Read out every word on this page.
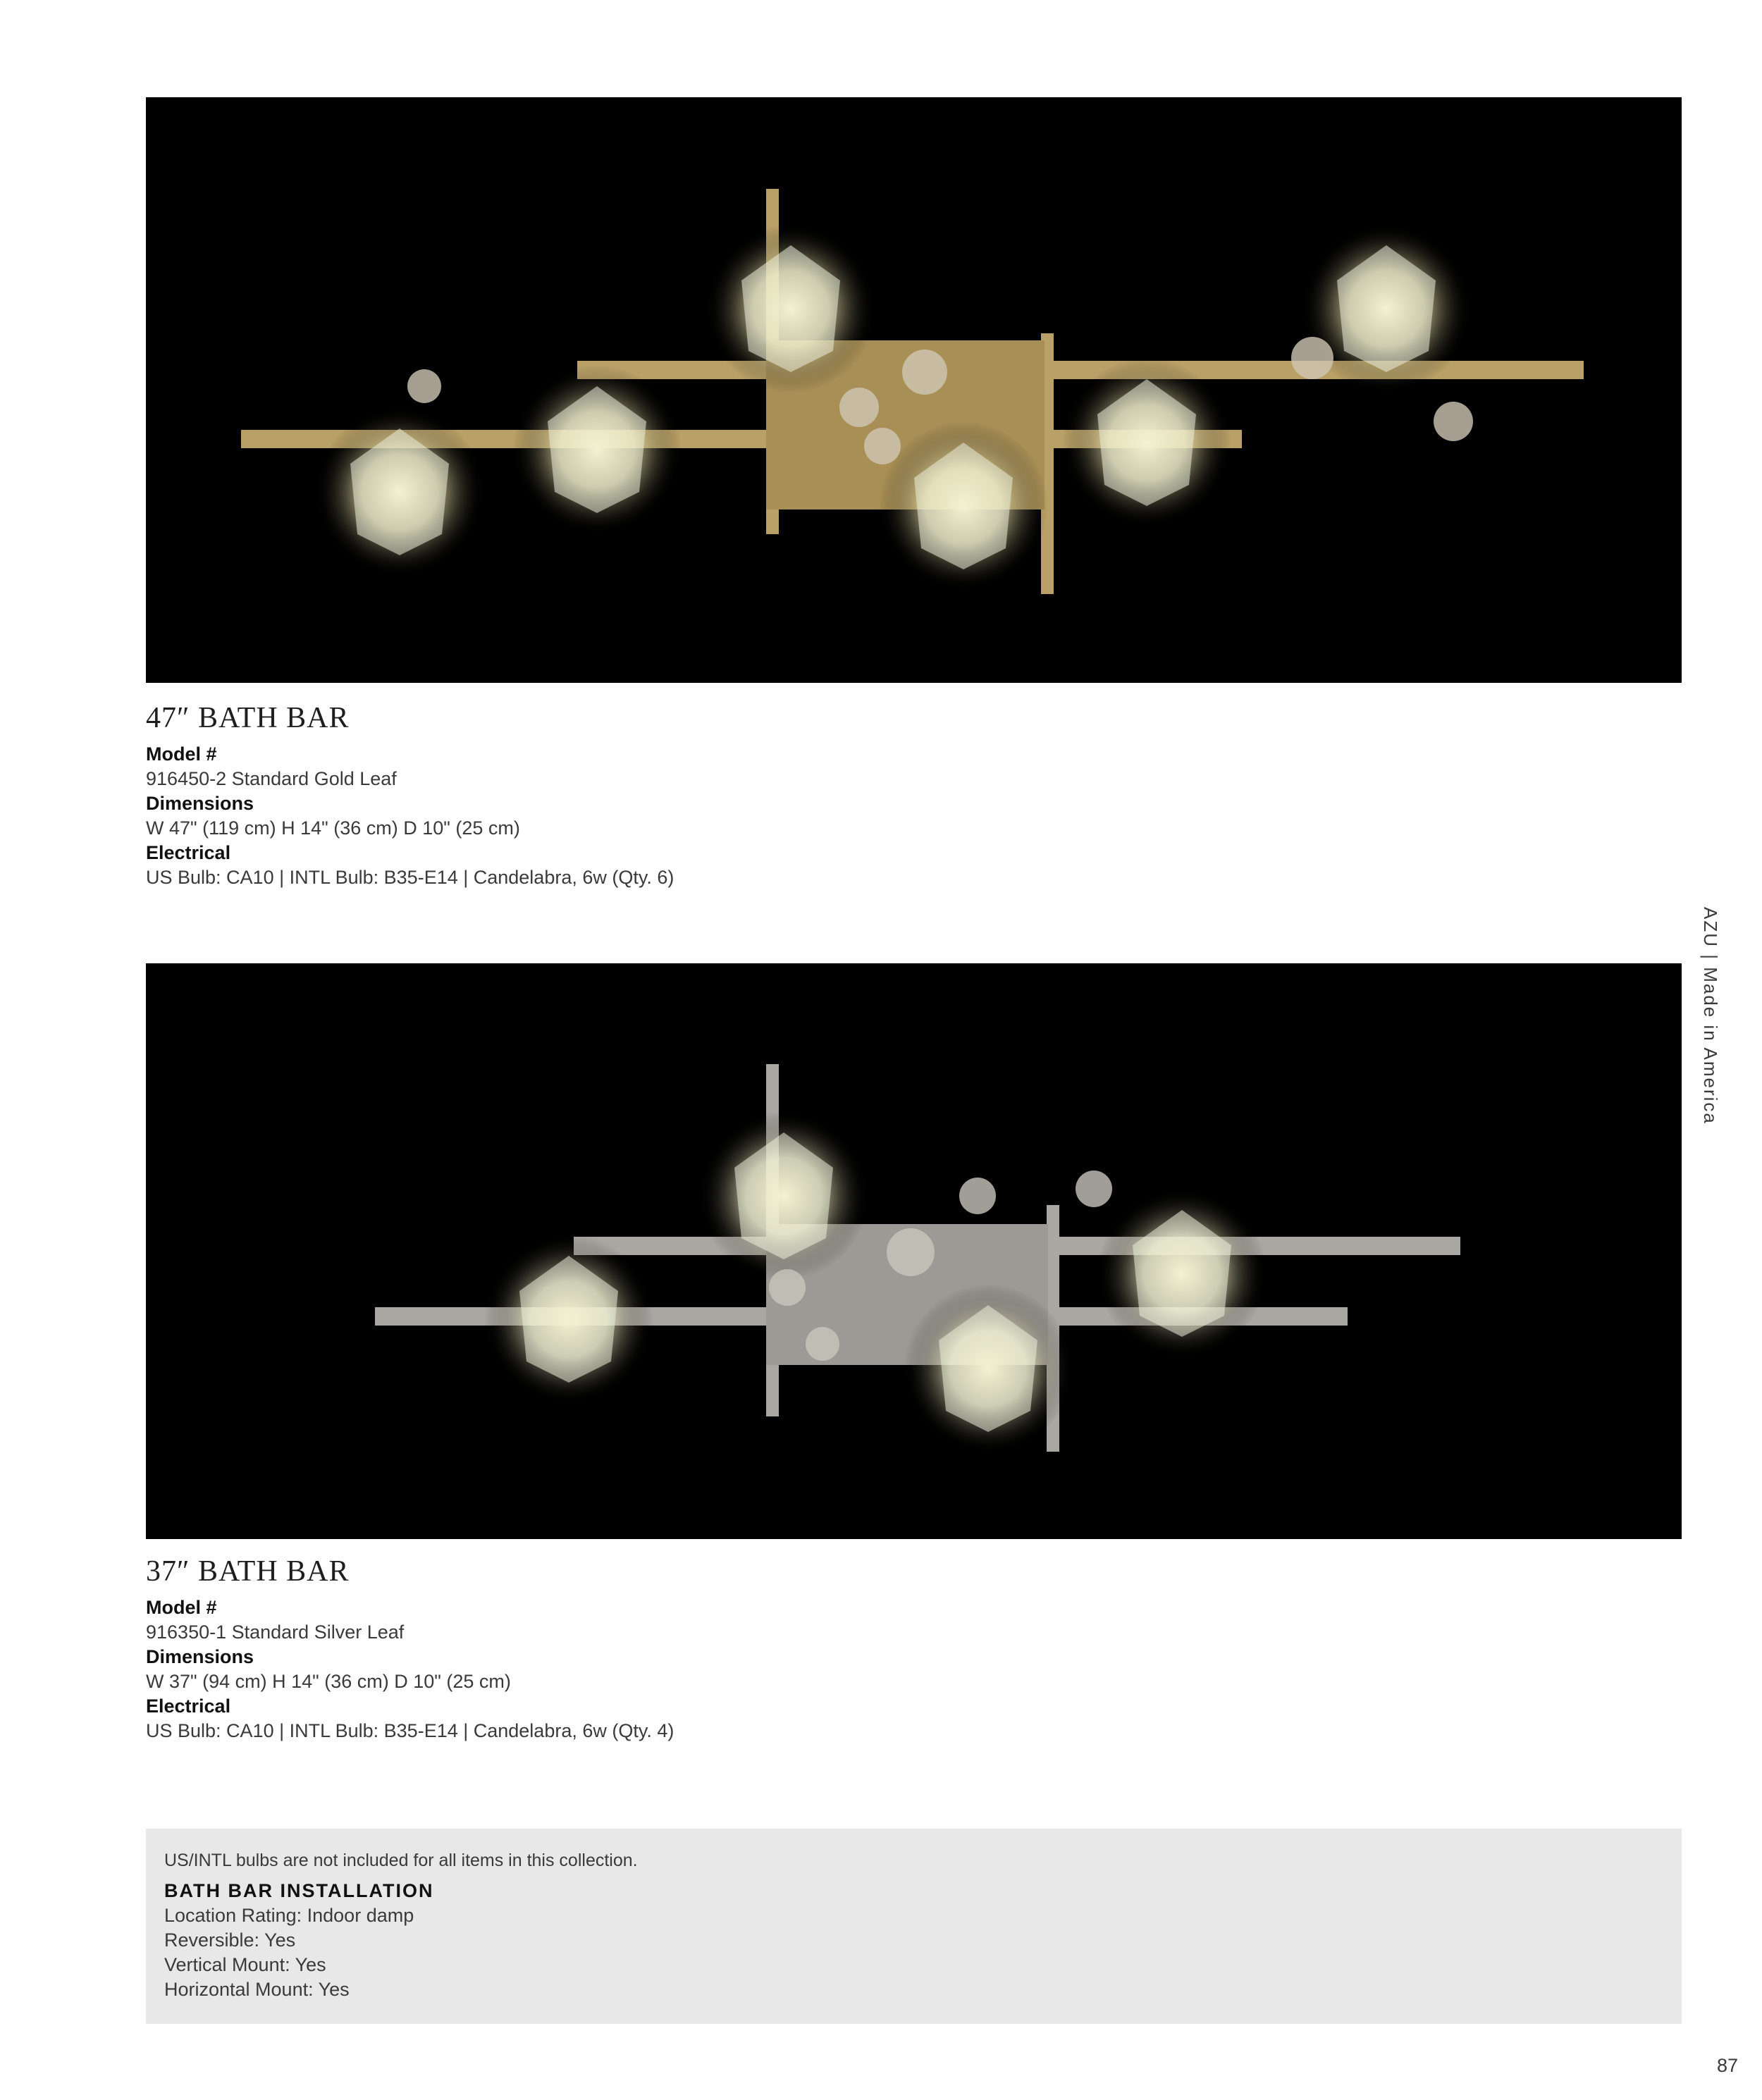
47″ BATH BAR
Model #
916450-2 Standard Gold Leaf
Dimensions
W 47" (119 cm) H 14" (36 cm) D 10" (25 cm)
Electrical
US Bulb: CA10 | INTL Bulb: B35-E14 | Candelabra, 6w (Qty. 6)
37″ BATH BAR
Model #
916350-1 Standard Silver Leaf
Dimensions
W 37" (94 cm) H 14" (36 cm) D 10" (25 cm)
Electrical
US Bulb: CA10 | INTL Bulb: B35-E14 | Candelabra, 6w (Qty. 4)
US/INTL bulbs are not included for all items in this collection.
BATH BAR INSTALLATION
Location Rating: Indoor damp
Reversible: Yes
Vertical Mount: Yes
Horizontal Mount: Yes
AZU | Made in America
87
